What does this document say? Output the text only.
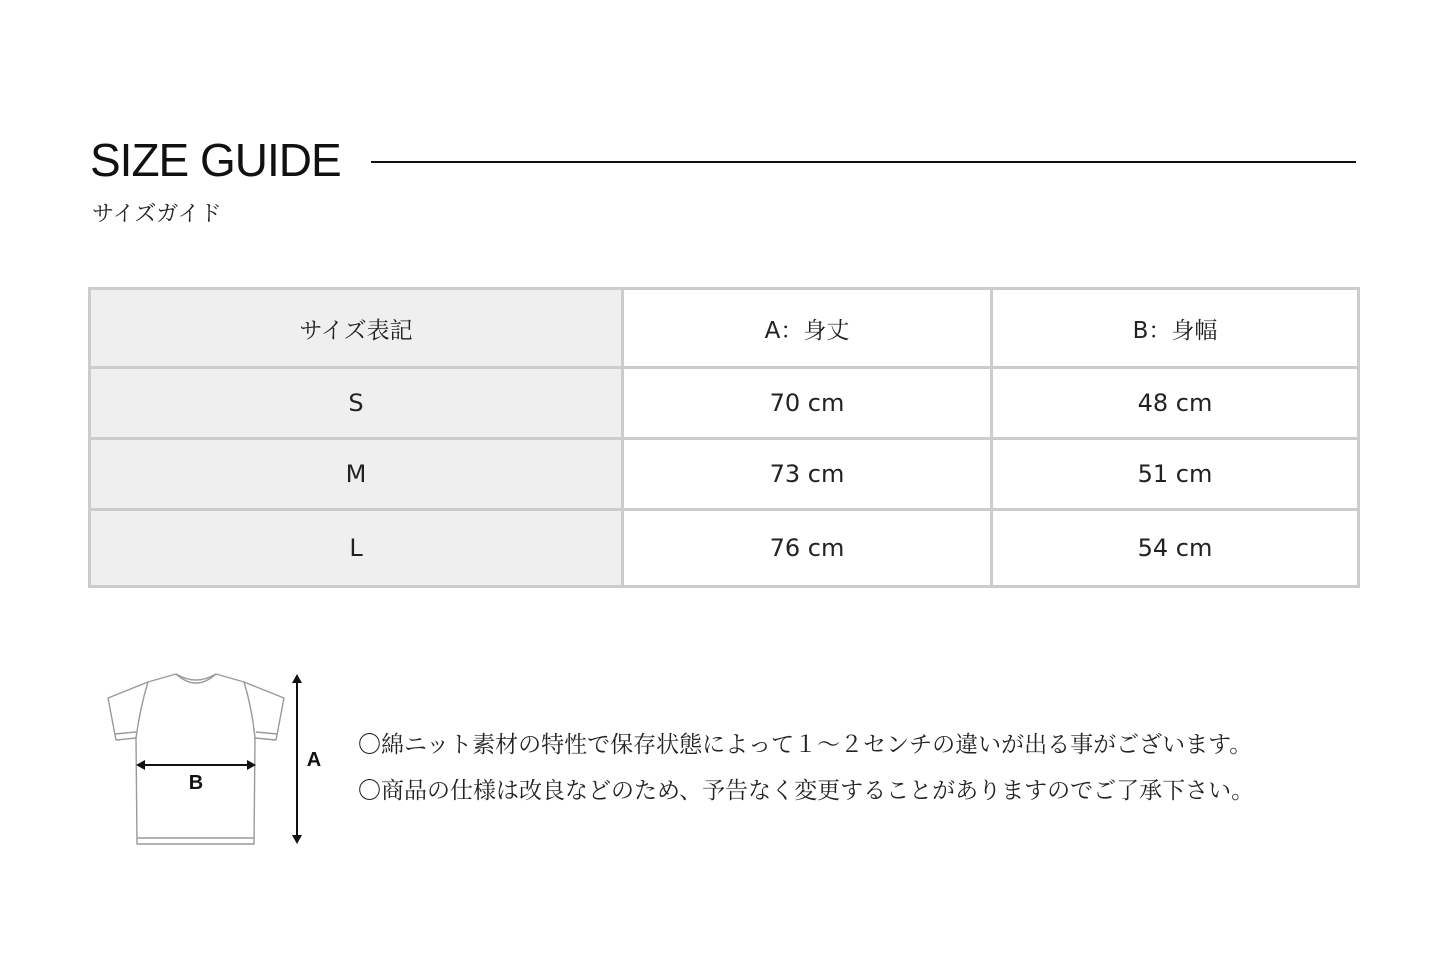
SIZE GUIDE
サイズガイド
サイズ表記	A：身丈	B：身幅
S	70 cm	48 cm
M	73 cm	51 cm
L	76 cm	54 cm
B
A
〇綿ニット素材の特性で保存状態によって１～２センチの違いが出る事がございます。
〇商品の仕様は改良などのため、予告なく変更することがありますのでご了承下さい。
